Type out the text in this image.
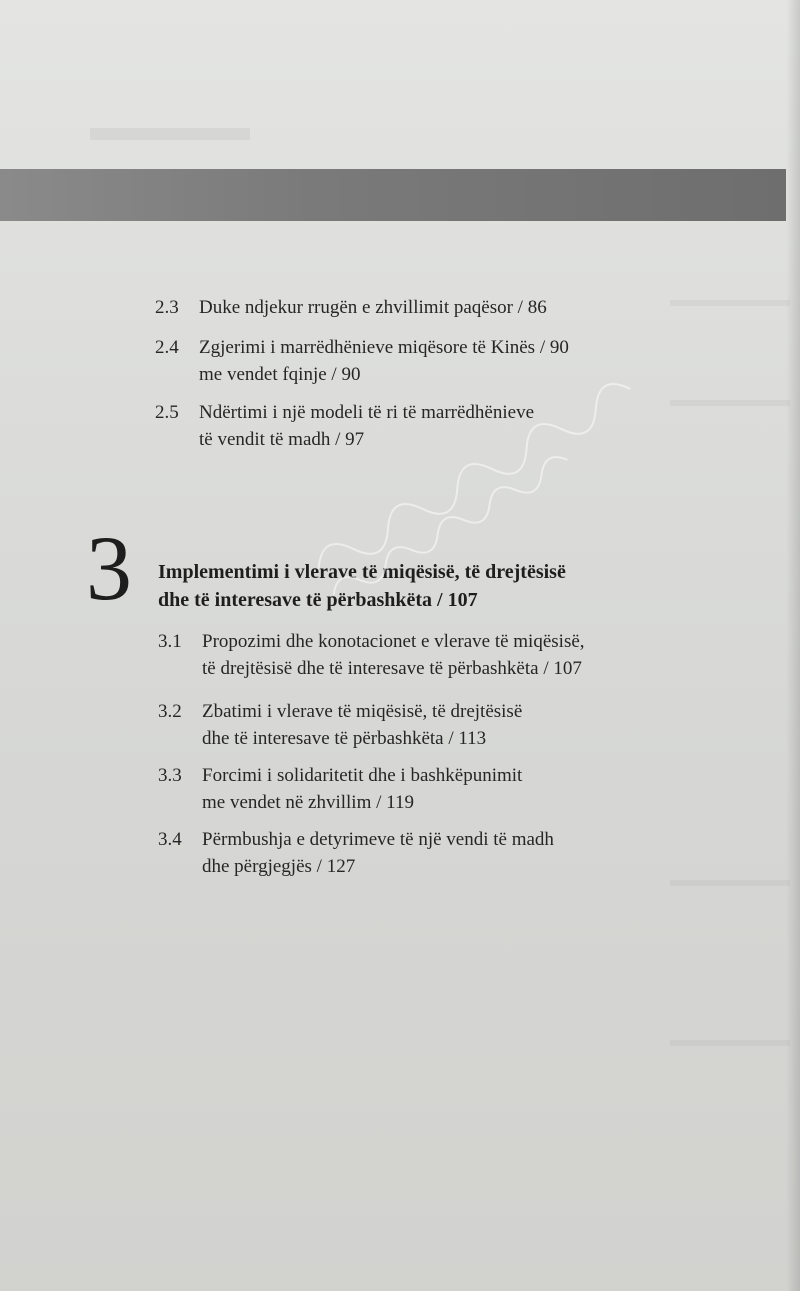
2.3 Duke ndjekur rrugën e zhvillimit paqësor / 86
2.4 Zgjerimi i marrëdhënieve miqësore të Kinës / 90
me vendet fqinje / 90
2.5 Ndërtimi i një modeli të ri të marrëdhënieve
të vendit të madh / 97
3 Implementimi i vlerave të miqësisë, të drejtësisë
dhe të interesave të përbashkëta / 107
3.1 Propozimi dhe konotacionet e vlerave të miqësisë,
të drejtësisë dhe të interesave të përbashkëta / 107
3.2 Zbatimi i vlerave të miqësisë, të drejtësisë
dhe të interesave të përbashkëta / 113
3.3 Forcimi i solidaritetit dhe i bashkëpunimit
me vendet në zhvillim / 119
3.4 Përmbushja e detyrimeve të një vendi të madh
dhe përgjegjës / 127
